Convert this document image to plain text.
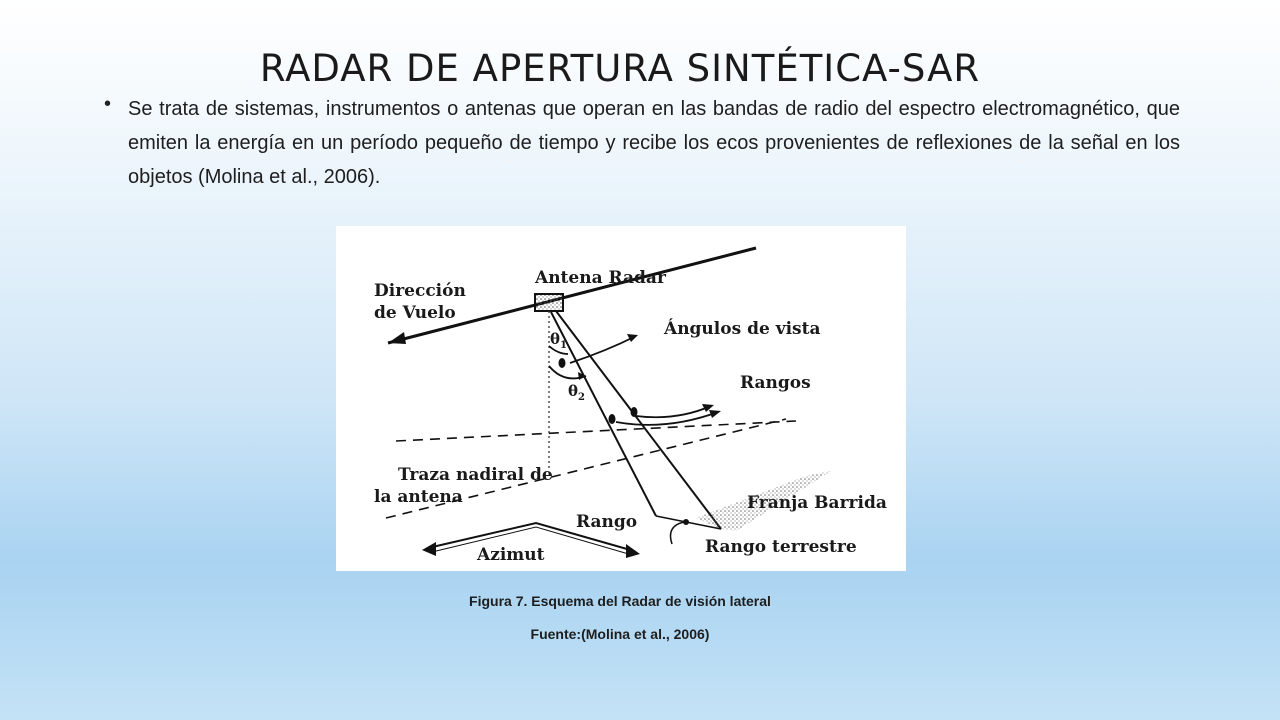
RADAR DE APERTURA SINTÉTICA-SAR
• Se trata de sistemas, instrumentos o antenas que operan en las bandas de radio del espectro electromagnético, que emiten la energía en un período pequeño de tiempo y recibe los ecos provenientes de reflexiones de la señal en los objetos (Molina et al., 2006).
Dirección
de Vuelo
Antena Radar
Ángulos de vista
$\theta_1$
$\theta_2$
Rangos
Traza nadiral de
la antena	Franja Barrida
Rango
Azimut	Rango terrestre
Figura 7. Esquema del Radar de visión lateral
Fuente:(Molina et al., 2006)
